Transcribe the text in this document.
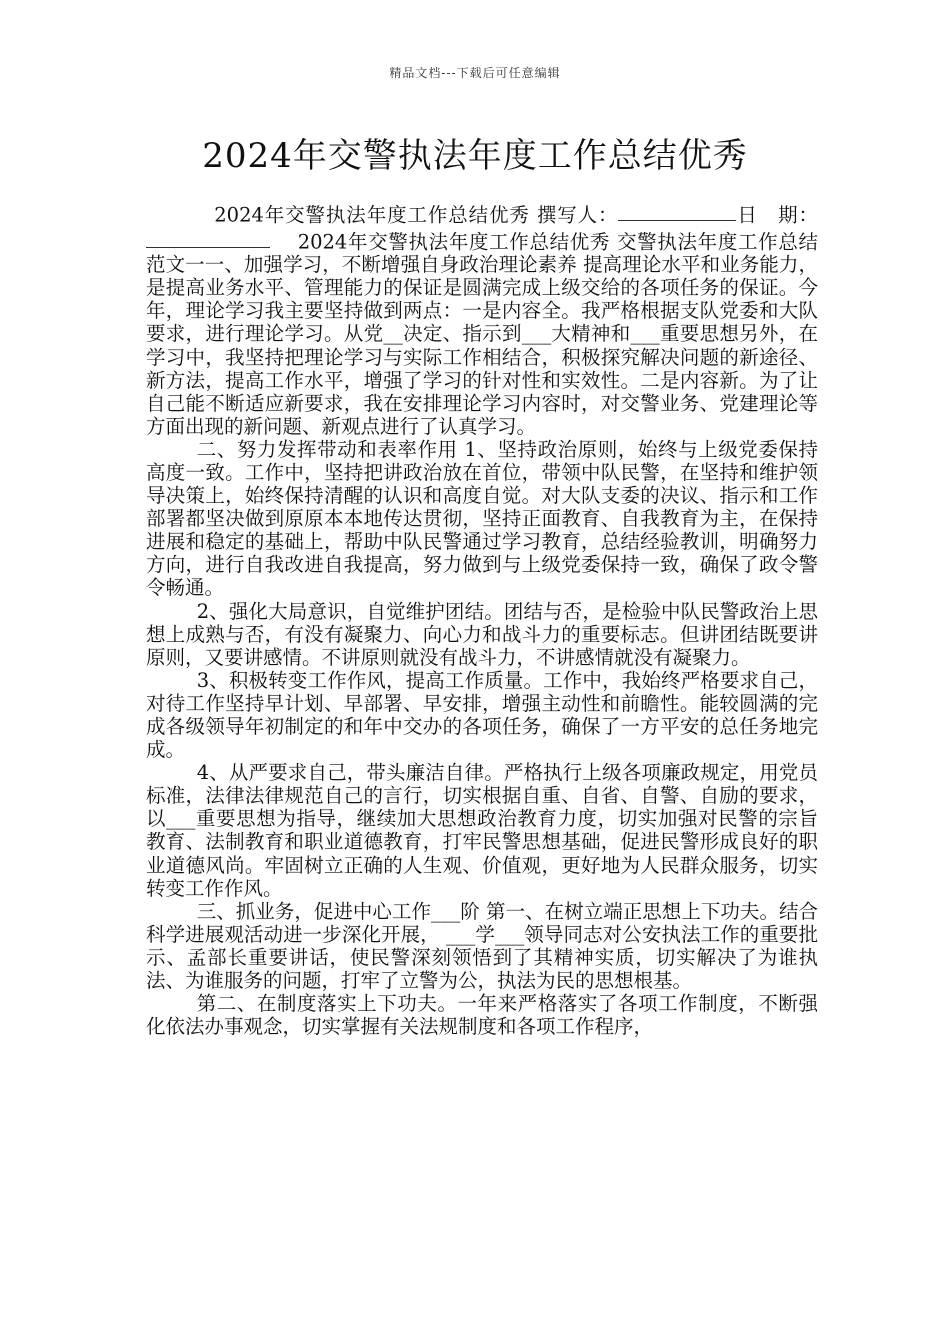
精品文档---下载后可任意编辑
2024年交警执法年度工作总结优秀

2024年交警执法年度工作总结优秀 撰写人：	日　期：　 2024年交警执法年度工作总结优秀 交警执法年度工作总结范文一一、加强学习，不断增强自身政治理论素养 提高理论水平和业务能力，是提高业务水平、管理能力的保证是圆满完成上级交给的各项任务的保证。今年，理论学习我主要坚持做到两点：一是内容全。我严格根据支队党委和大队要求，进行理论学习。从党__决定、指示到___大精神和___重要思想另外，在学习中，我坚持把理论学习与实际工作相结合，积极探究解决问题的新途径、新方法，提高工作水平，增强了学习的针对性和实效性。二是内容新。为了让自己能不断适应新要求，我在安排理论学习内容时，对交警业务、党建理论等方面出现的新问题、新观点进行了认真学习。

二、努力发挥带动和表率作用 1、坚持政治原则，始终与上级党委保持高度一致。工作中，坚持把讲政治放在首位，带领中队民警，在坚持和维护领导决策上，始终保持清醒的认识和高度自觉。对大队支委的决议、指示和工作部署都坚决做到原原本本地传达贯彻，坚持正面教育、自我教育为主，在保持进展和稳定的基础上，帮助中队民警通过学习教育，总结经验教训，明确努力方向，进行自我改进自我提高，努力做到与上级党委保持一致，确保了政令警令畅通。

2、强化大局意识，自觉维护团结。团结与否，是检验中队民警政治上思想上成熟与否，有没有凝聚力、向心力和战斗力的重要标志。但讲团结既要讲原则，又要讲感情。不讲原则就没有战斗力，不讲感情就没有凝聚力。

3、积极转变工作作风，提高工作质量。工作中，我始终严格要求自己，对待工作坚持早计划、早部署、早安排，增强主动性和前瞻性。能较圆满的完成各级领导年初制定的和年中交办的各项任务，确保了一方平安的总任务地完成。

4、从严要求自己，带头廉洁自律。严格执行上级各项廉政规定，用党员标准，法律法律规范自己的言行，切实根据自重、自省、自警、自励的要求，以___重要思想为指导，继续加大思想政治教育力度，切实加强对民警的宗旨教育、法制教育和职业道德教育，打牢民警思想基础，促进民警形成良好的职业道德风尚。牢固树立正确的人生观、价值观，更好地为人民群众服务，切实转变工作作风。

三、抓业务，促进中心工作___阶 第一、在树立端正思想上下功夫。结合科学进展观活动进一步深化开展， ___学___领导同志对公安执法工作的重要批示、孟部长重要讲话，使民警深刻领悟到了其精神实质，切实解决了为谁执法、为谁服务的问题，打牢了立警为公，执法为民的思想根基。

第二、在制度落实上下功夫。一年来严格落实了各项工作制度，不断强化依法办事观念，切实掌握有关法规制度和各项工作程序，
